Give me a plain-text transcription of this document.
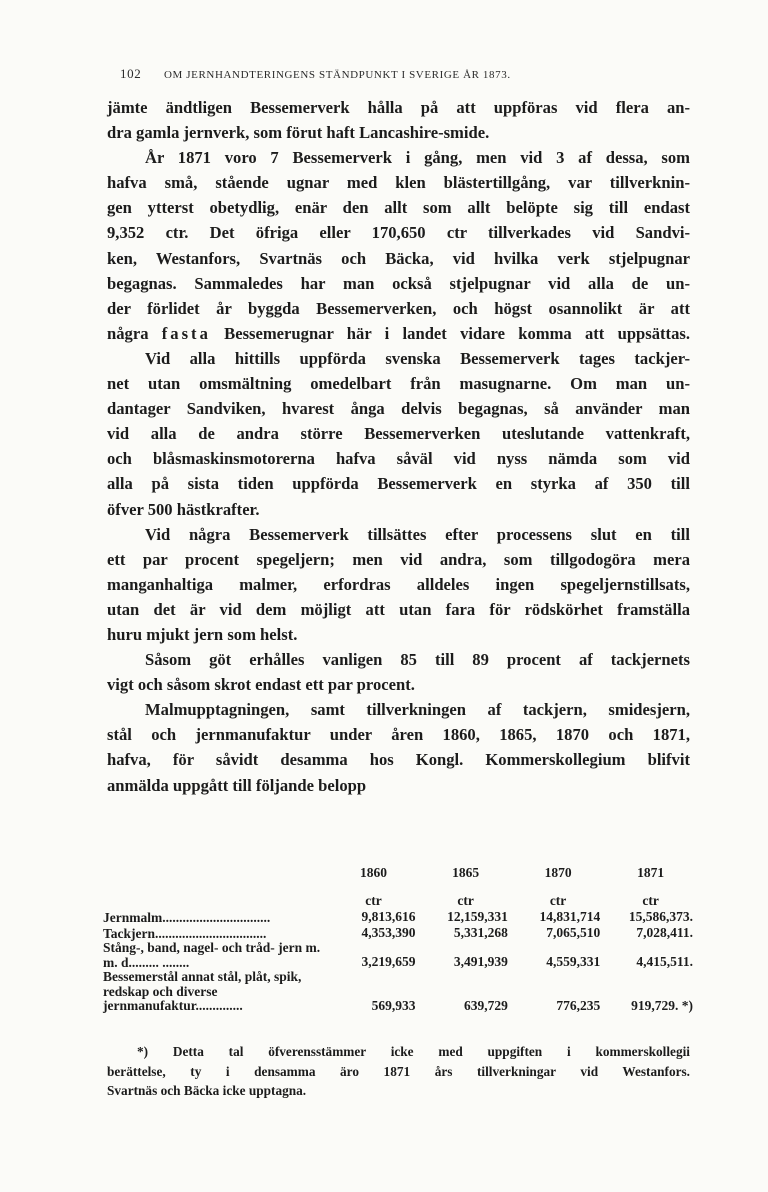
102 OM JERNHANDTERINGENS STÄNDPUNKT I SVERIGE ÅR 1873.

jämte ändtligen Bessemerverk hålla på att uppföras vid flera an-
dra gamla jernverk, som förut haft Lancashire-smide.

År 1871 voro 7 Bessemerverk i gång, men vid 3 af dessa, som
hafva små, stående ugnar med klen blästertillgång, var tillverknin-
gen ytterst obetydlig, enär den allt som allt belöpte sig till endast
9,352 ctr. Det öfriga eller 170,650 ctr tillverkades vid Sandvi-
ken, Westanfors, Svartnäs och Bäcka, vid hvilka verk stjelpugnar
begagnas. Sammaledes har man också stjelpugnar vid alla de un-
der förlidet år byggda Bessemerverken, och högst osannolikt är att
några fasta Bessemerugnar här i landet vidare komma att uppsättas.

Vid alla hittills uppförda svenska Bessemerverk tages tackjer-
net utan omsmältning omedelbart från masugnarne. Om man un-
dantager Sandviken, hvarest ånga delvis begagnas, så använder man
vid alla de andra större Bessemerverken uteslutande vattenkraft,
och blåsmaskinsmotorerna hafva såväl vid nyss nämda som vid
alla på sista tiden uppförda Bessemerverk en styrka af 350 till
öfver 500 hästkrafter.

Vid några Bessemerverk tillsättes efter processens slut en till
ett par procent spegeljern; men vid andra, som tillgodogöra mera
manganhaltiga malmer, erfordras alldeles ingen spegeljernstillsats,
utan det är vid dem möjligt att utan fara för rödskörhet framställa
huru mjukt jern som helst.

Såsom göt erhålles vanligen 85 till 89 procent af tackjernets
vigt och såsom skrot endast ett par procent.

Malmupptagningen, samt tillverkningen af tackjern, smidesjern,
stål och jernmanufaktur under åren 1860, 1865, 1870 och 1871,
hafva, för såvidt desamma hos Kongl. Kommerskollegium blifvit
anmälda uppgått till följande belopp

	1860	1865	1870	1871
	ctr	ctr	ctr	ctr
Jernmalm................................	9,813,616	12,159,331	14,831,714	15,586,373.
Tackjern.................................	4,353,390	5,331,268	7,065,510	7,028,411.
Stång-, band, nagel- och tråd- jern m. m. d......... ........	3,219,659	3,491,939	4,559,331	4,415,511.
Bessemerstål annat stål, plåt, spik, redskap och diverse jernmanufaktur..............	569,933	639,729	776,235	919,729. *)
*) Detta tal öfverensstämmer icke med uppgiften i kommerskollegii
berättelse, ty i densamma äro 1871 års tillverkningar vid Westanfors.
Svartnäs och Bäcka icke upptagna.
